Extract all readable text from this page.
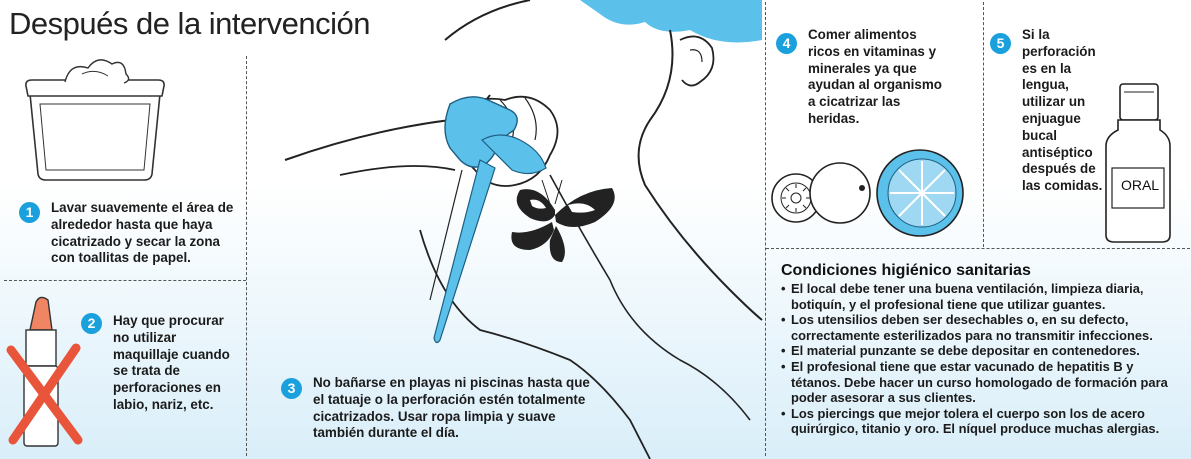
Después de la intervención
1	Lavar suavemente el área de alrededor hasta que haya cicatrizado y secar la zona con toallitas de papel.
2	Hay que procurar no utilizar maquillaje cuando se trata de perforaciones en labio, nariz, etc.
3	No bañarse en playas ni piscinas hasta que el tatuaje o la perforación estén totalmente cicatrizados. Usar ropa limpia y suave también durante el día.
4
Comer alimentos ricos en vitaminas y minerales ya que ayudan al organismo a cicatrizar las heridas.
5
Si la perforación es en la lengua, utilizar un enjuague bucal antiséptico después de las comidas.	ORAL
Condiciones higiénico sanitarias
• El local debe tener una buena ventilación, limpieza diaria, botiquín, y el profesional tiene que utilizar guantes.
• Los utensilios deben ser desechables o, en su defecto, correctamente esterilizados para no transmitir infecciones.
• El material punzante se debe depositar en contenedores.
• El profesional tiene que estar vacunado de hepatitis B y tétanos. Debe hacer un curso homologado de formación para poder asesorar a sus clientes.
• Los piercings que mejor tolera el cuerpo son los de acero quirúrgico, titanio y oro. El níquel produce muchas alergias.
